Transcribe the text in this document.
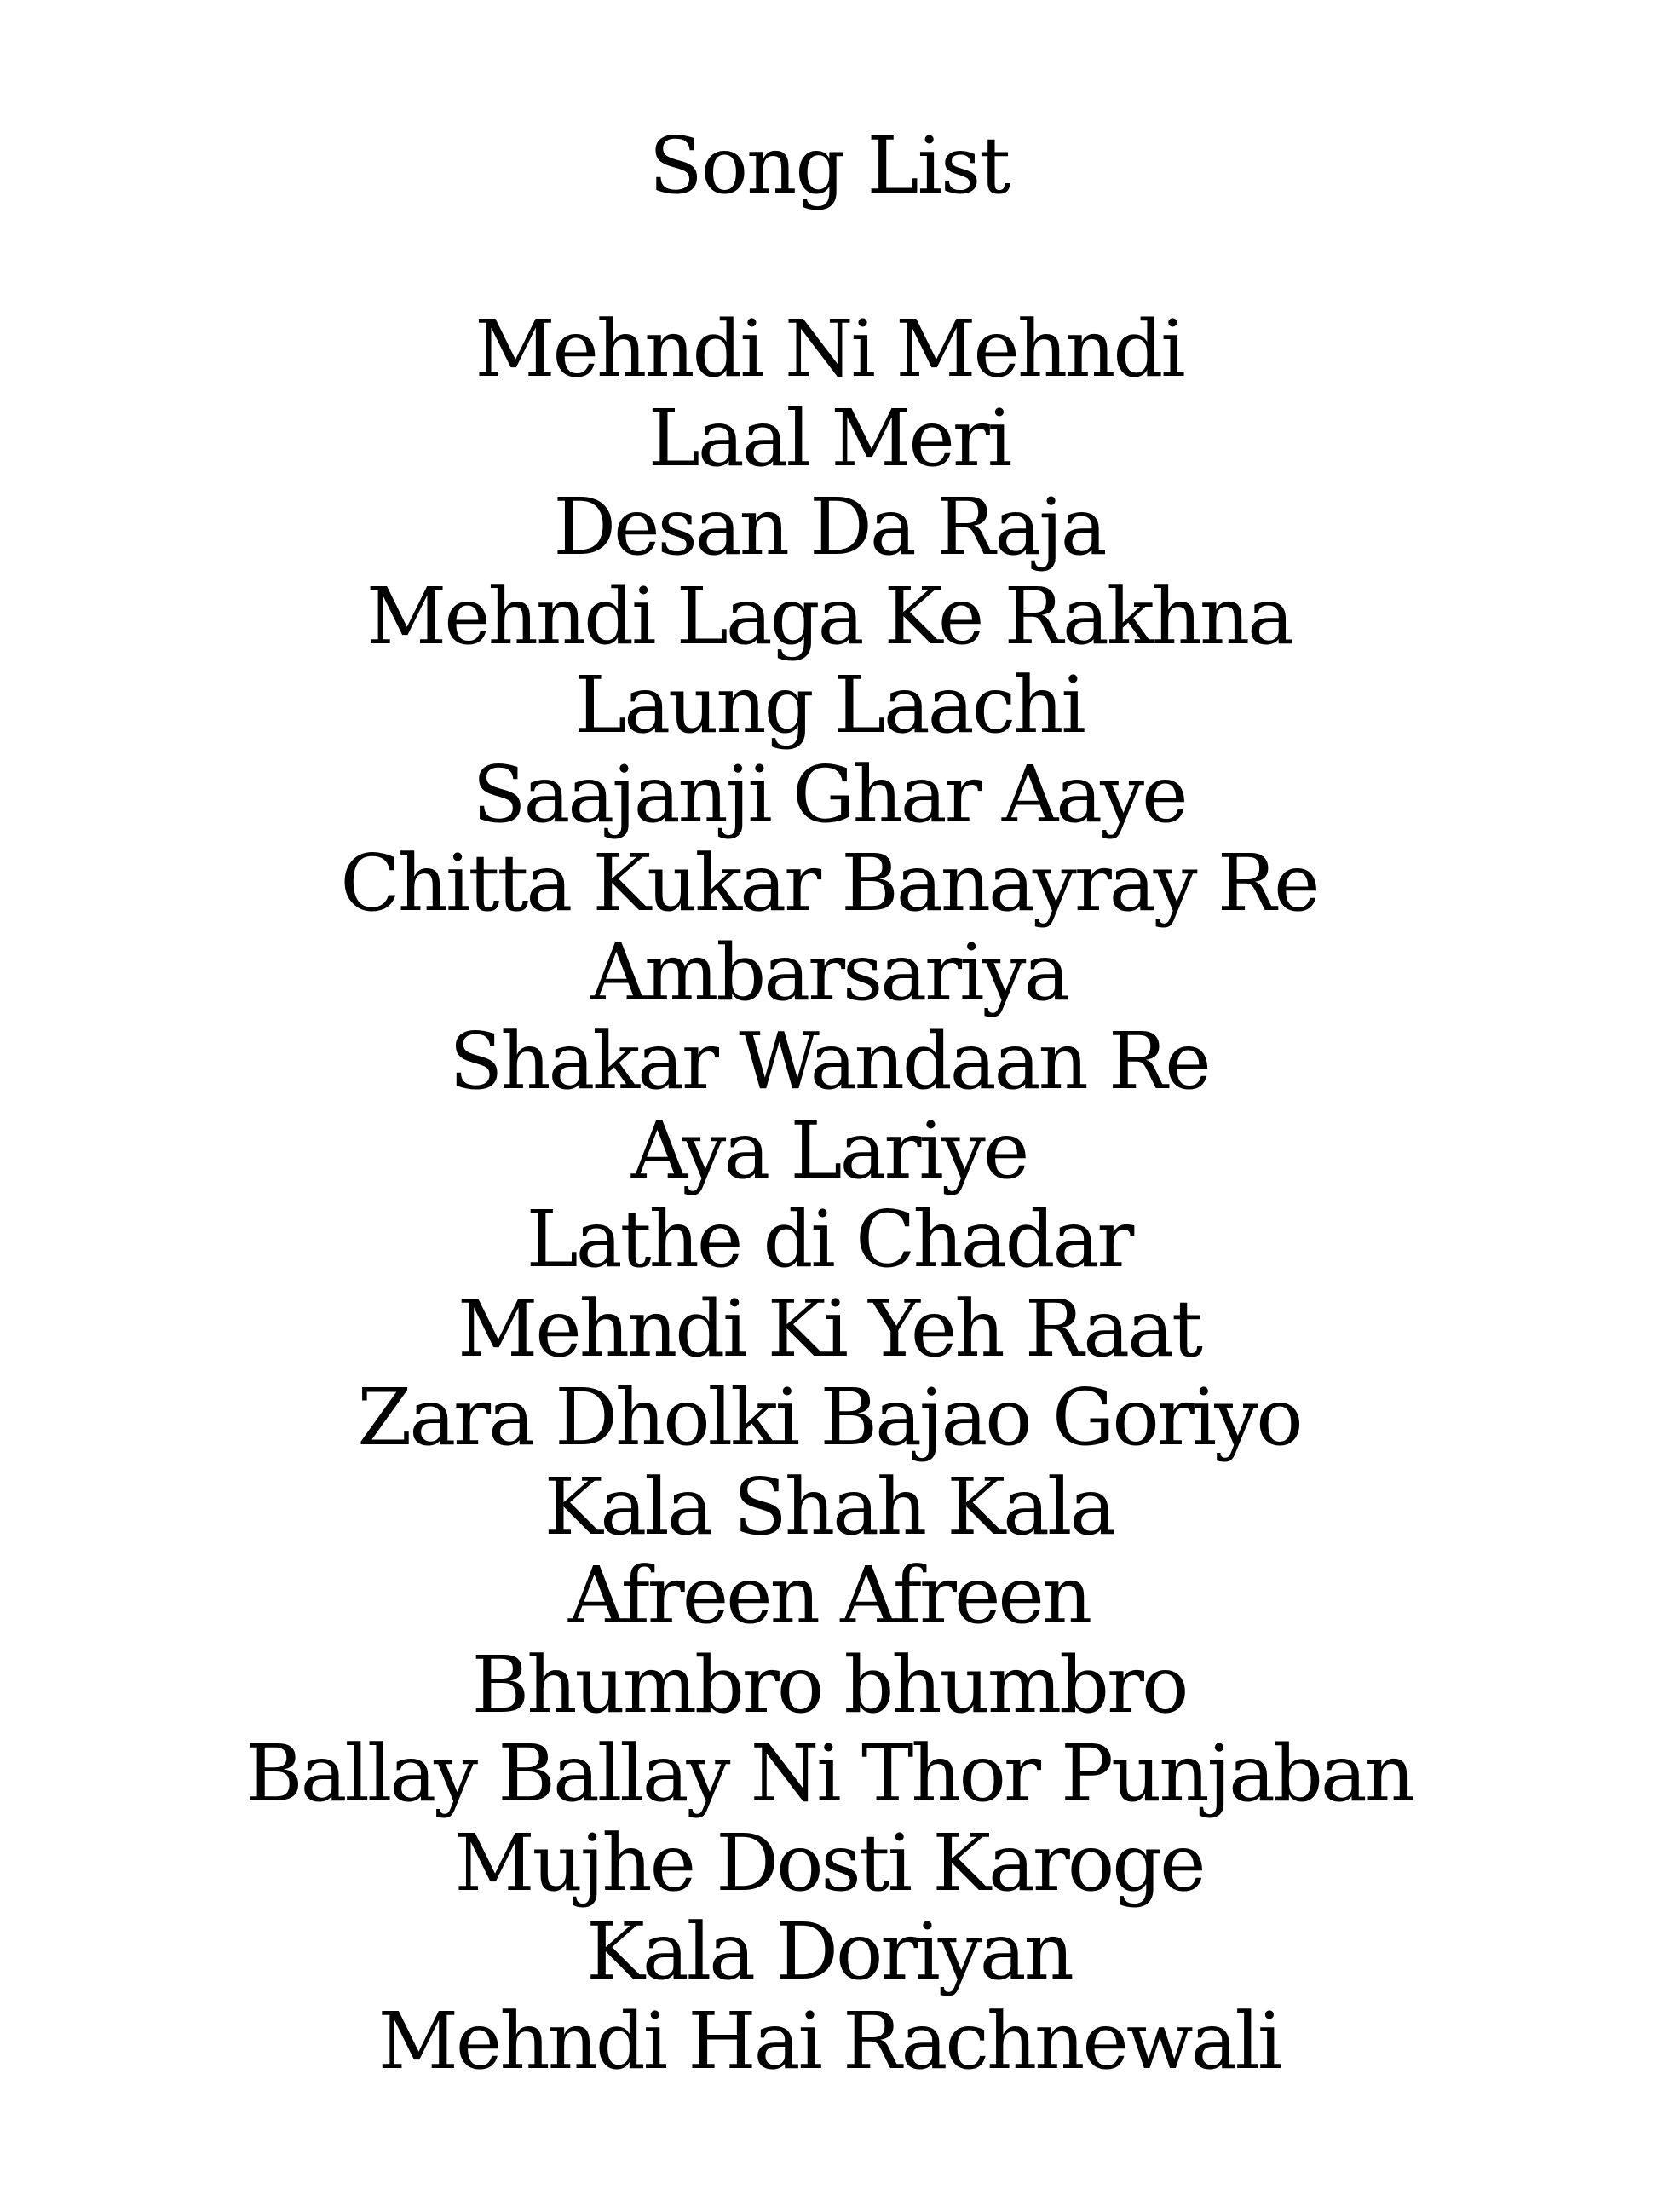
Song List
Mehndi Ni Mehndi
Laal Meri
Desan Da Raja
Mehndi Laga Ke Rakhna
Laung Laachi
Saajanji Ghar Aaye
Chitta Kukar Banayray Re
Ambarsariya
Shakar Wandaan Re
Aya Lariye
Lathe di Chadar
Mehndi Ki Yeh Raat
Zara Dholki Bajao Goriyo
Kala Shah Kala
Afreen Afreen
Bhumbro bhumbro
Ballay Ballay Ni Thor Punjaban
Mujhe Dosti Karoge
Kala Doriyan
Mehndi Hai Rachnewali
